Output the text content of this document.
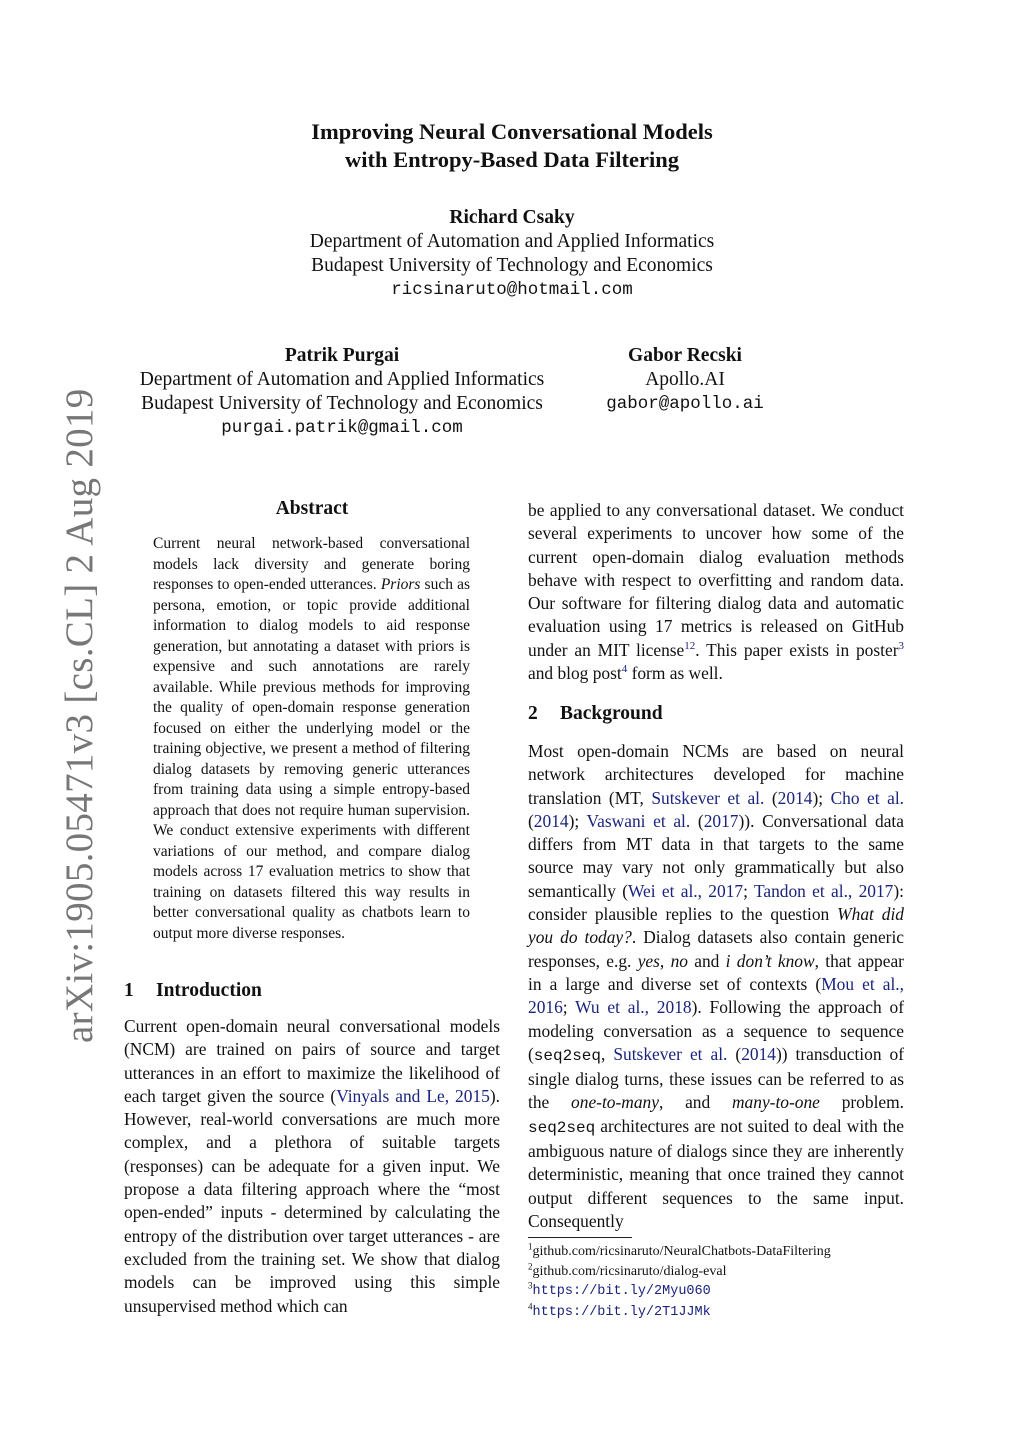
arXiv:1905.05471v3 [cs.CL] 2 Aug 2019
Improving Neural Conversational Models
with Entropy-Based Data Filtering
Richard Csaky
Department of Automation and Applied Informatics
Budapest University of Technology and Economics
ricsinaruto@hotmail.com
Patrik Purgai
Department of Automation and Applied Informatics
Budapest University of Technology and Economics
purgai.patrik@gmail.com
Gabor Recski
Apollo.AI
gabor@apollo.ai
Abstract
Current neural network-based conversational models lack diversity and generate boring responses to open-ended utterances. Priors such as persona, emotion, or topic provide additional information to dialog models to aid response generation, but annotating a dataset with priors is expensive and such annotations are rarely available. While previous methods for improving the quality of open-domain response generation focused on either the underlying model or the training objective, we present a method of filtering dialog datasets by removing generic utterances from training data using a simple entropy-based approach that does not require human supervision. We conduct extensive experiments with different variations of our method, and compare dialog models across 17 evaluation metrics to show that training on datasets filtered this way results in better conversational quality as chatbots learn to output more diverse responses.
1 Introduction
Current open-domain neural conversational models (NCM) are trained on pairs of source and target utterances in an effort to maximize the likelihood of each target given the source (Vinyals and Le, 2015). However, real-world conversations are much more complex, and a plethora of suitable targets (responses) can be adequate for a given input. We propose a data filtering approach where the “most open-ended” inputs - determined by calculating the entropy of the distribution over target utterances - are excluded from the training set. We show that dialog models can be improved using this simple unsupervised method which can
be applied to any conversational dataset. We conduct several experiments to uncover how some of the current open-domain dialog evaluation methods behave with respect to overfitting and random data. Our software for filtering dialog data and automatic evaluation using 17 metrics is released on GitHub under an MIT license$^{12}$. This paper exists in poster$^3$ and blog post$^4$ form as well.
2 Background
Most open-domain NCMs are based on neural network architectures developed for machine translation (MT, Sutskever et al. (2014); Cho et al. (2014); Vaswani et al. (2017)). Conversational data differs from MT data in that targets to the same source may vary not only grammatically but also semantically (Wei et al., 2017; Tandon et al., 2017): consider plausible replies to the question What did you do today?. Dialog datasets also contain generic responses, e.g. yes, no and i don’t know, that appear in a large and diverse set of contexts (Mou et al., 2016; Wu et al., 2018). Following the approach of modeling conversation as a sequence to sequence (seq2seq, Sutskever et al. (2014)) transduction of single dialog turns, these issues can be referred to as the one-to-many, and many-to-one problem. seq2seq architectures are not suited to deal with the ambiguous nature of dialogs since they are inherently deterministic, meaning that once trained they cannot output different sequences to the same input. Consequently
$^1$github.com/ricsinaruto/NeuralChatbots-DataFiltering
$^2$github.com/ricsinaruto/dialog-eval
$^3$https://bit.ly/2Myu060
$^4$https://bit.ly/2T1JJMk
